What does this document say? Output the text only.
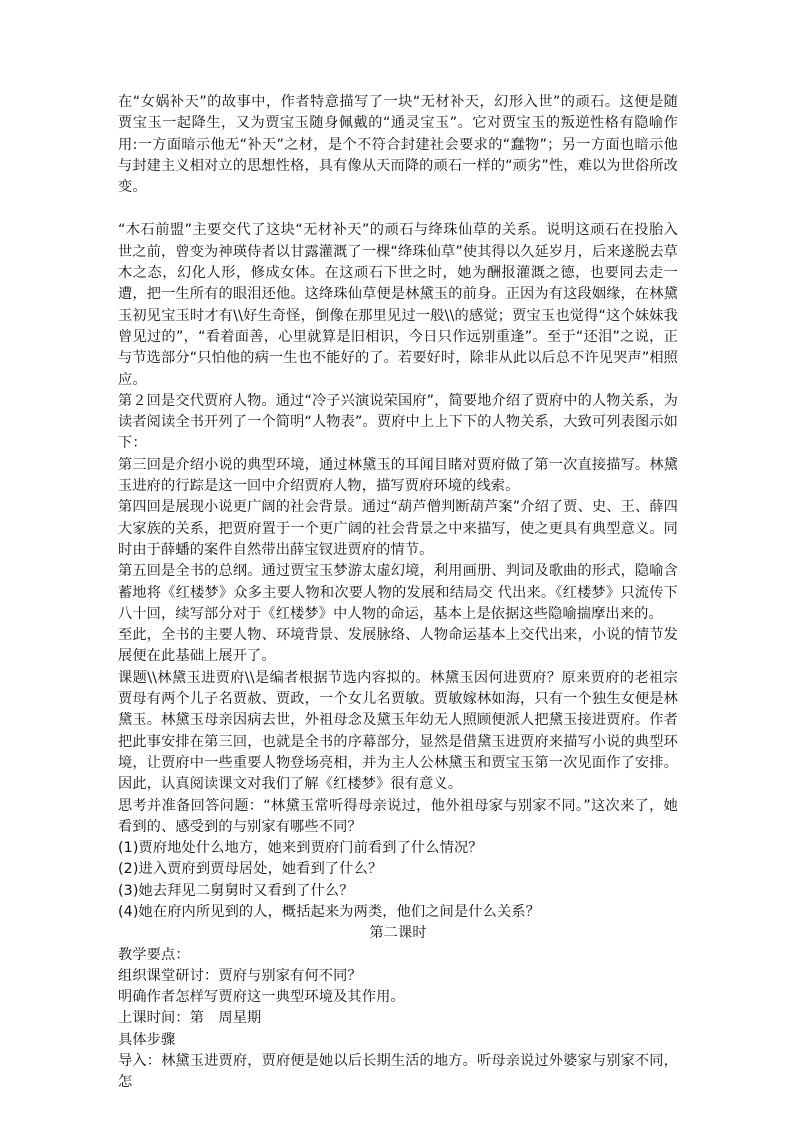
在“女娲补天”的故事中，作者特意描写了一块“无材补天，幻形入世”的顽石。这便是随贾宝玉一起降生，又为贾宝玉随身佩戴的“通灵宝玉”。它对贾宝玉的叛逆性格有隐喻作用:一方面暗示他无“补天”之材，是个不符合封建社会要求的“蠢物”；另一方面也暗示他与封建主义相对立的思想性格，具有像从天而降的顽石一样的“顽劣”性，难以为世俗所改变。

“木石前盟”主要交代了这块“无材补天”的顽石与绛珠仙草的关系。说明这顽石在投胎入世之前，曾变为神瑛侍者以甘露灌溉了一棵“绛珠仙草”使其得以久延岁月，后来遂脱去草木之态，幻化人形，修成女体。在这顽石下世之时，她为酬报灌溉之德，也要同去走一遭，把一生所有的眼泪还他。这绛珠仙草便是林黛玉的前身。正因为有这段姻缘，在林黛玉初见宝玉时才有\\好生奇怪，倒像在那里见过一般\\的感觉；贾宝玉也觉得“这个妹妹我曾见过的”，“看着面善，心里就算是旧相识，今日只作远别重逢”。至于“还泪”之说，正与节选部分“只怕他的病一生也不能好的了。若要好时，除非从此以后总不许见哭声”相照应。

第２回是交代贾府人物。通过“冷子兴演说荣国府”，简要地介绍了贾府中的人物关系，为读者阅读全书开列了一个简明“人物表”。贾府中上上下下的人物关系，大致可列表图示如下：

第三回是介绍小说的典型环境，通过林黛玉的耳闻目睹对贾府做了第一次直接描写。林黛玉进府的行踪是这一回中介绍贾府人物，描写贾府环境的线索。

第四回是展现小说更广阔的社会背景。通过“葫芦僧判断葫芦案”介绍了贾、史、王、薛四大家族的关系，把贾府置于一个更广阔的社会背景之中来描写，使之更具有典型意义。同时由于薛蟠的案件自然带出薛宝钗进贾府的情节。

第五回是全书的总纲。通过贾宝玉梦游太虚幻境，利用画册、判词及歌曲的形式，隐喻含蓄地将《红楼梦》众多主要人物和次要人物的发展和结局交 代出来。《红楼梦》只流传下八十回，续写部分对于《红楼梦》中人物的命运，基本上是依据这些隐喻揣摩出来的。

至此，全书的主要人物、环境背景、发展脉络、人物命运基本上交代出来，小说的情节发展便在此基础上展开了。

课题\\林黛玉进贾府\\是编者根据节选内容拟的。林黛玉因何进贾府？原来贾府的老祖宗贾母有两个儿子名贾赦、贾政，一个女儿名贾敏。贾敏嫁林如海，只有一个独生女便是林黛玉。林黛玉母亲因病去世，外祖母念及黛玉年幼无人照顾便派人把黛玉接进贾府。作者把此事安排在第三回，也就是全书的序幕部分，显然是借黛玉进贾府来描写小说的典型环境，让贾府中一些重要人物登场亮相，并为主人公林黛玉和贾宝玉第一次见面作了安排。因此，认真阅读课文对我们了解《红楼梦》很有意义。

思考并准备回答问题：“林黛玉常听得母亲说过，他外祖母家与别家不同。”这次来了，她看到的、感受到的与别家有哪些不同？

(1)贾府地处什么地方，她来到贾府门前看到了什么情况？

(2)进入贾府到贾母居处，她看到了什么？

(3)她去拜见二舅舅时又看到了什么？

(4)她在府内所见到的人，概括起来为两类，他们之间是什么关系？

第二课时

教学要点：

组织课堂研讨：贾府与别家有何不同？

明确作者怎样写贾府这一典型环境及其作用。

上课时间：第　周星期

具体步骤

导入：林黛玉进贾府，贾府便是她以后长期生活的地方。听母亲说过外婆家与别家不同，怎
